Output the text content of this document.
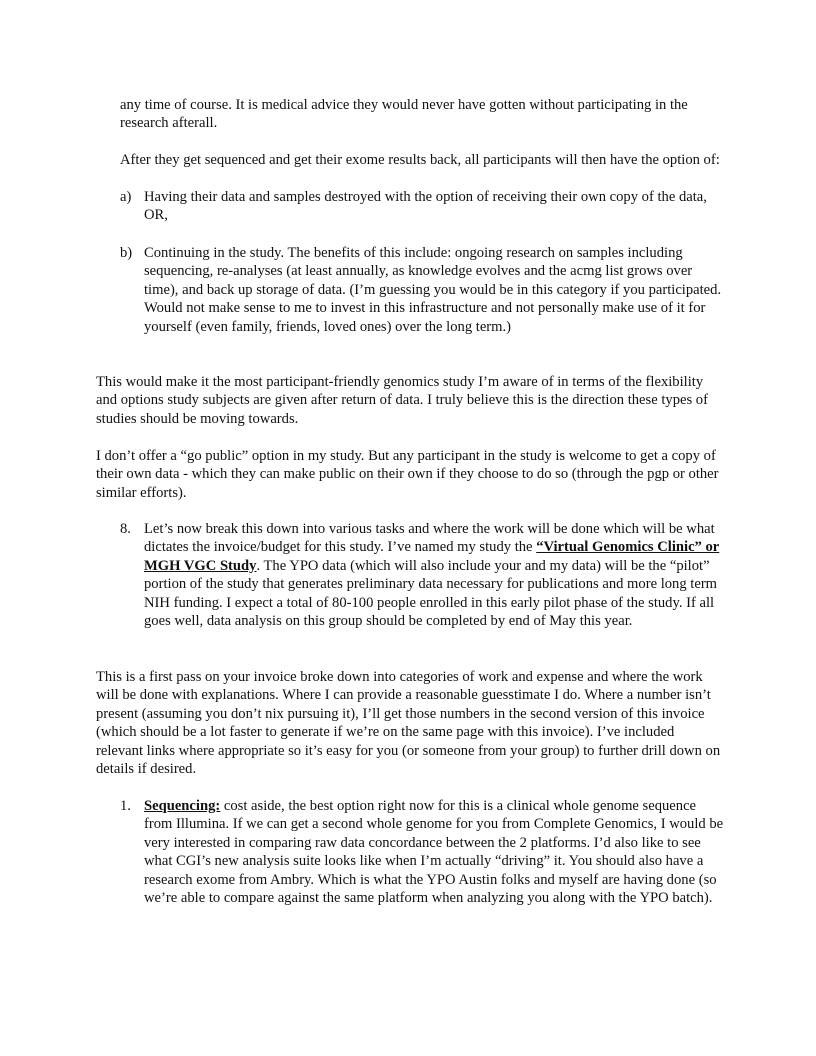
any time of course. It is medical advice they would never have gotten without participating in the research afterall.

After they get sequenced and get their exome results back, all participants will then have the option of:

a) Having their data and samples destroyed with the option of receiving their own copy of the data, OR,
b) Continuing in the study. The benefits of this include: ongoing research on samples including sequencing, re-analyses (at least annually, as knowledge evolves and the acmg list grows over time), and back up storage of data. (I’m guessing you would be in this category if you participated. Would not make sense to me to invest in this infrastructure and not personally make use of it for yourself (even family, friends, loved ones) over the long term.)

This would make it the most participant-friendly genomics study I’m aware of in terms of the flexibility and options study subjects are given after return of data. I truly believe this is the direction these types of studies should be moving towards.

I don’t offer a “go public” option in my study. But any participant in the study is welcome to get a copy of their own data - which they can make public on their own if they choose to do so (through the pgp or other similar efforts).

8. Let’s now break this down into various tasks and where the work will be done which will be what dictates the invoice/budget for this study. I’ve named my study the “Virtual Genomics Clinic” or MGH VGC Study. The YPO data (which will also include your and my data) will be the “pilot” portion of the study that generates preliminary data necessary for publications and more long term NIH funding. I expect a total of 80-100 people enrolled in this early pilot phase of the study. If all goes well, data analysis on this group should be completed by end of May this year.

This is a first pass on your invoice broke down into categories of work and expense and where the work will be done with explanations. Where I can provide a reasonable guesstimate I do. Where a number isn’t present (assuming you don’t nix pursuing it), I’ll get those numbers in the second version of this invoice (which should be a lot faster to generate if we’re on the same page with this invoice). I’ve included relevant links where appropriate so it’s easy for you (or someone from your group) to further drill down on details if desired.

1. Sequencing: cost aside, the best option right now for this is a clinical whole genome sequence from Illumina. If we can get a second whole genome for you from Complete Genomics, I would be very interested in comparing raw data concordance between the 2 platforms. I’d also like to see what CGI’s new analysis suite looks like when I’m actually “driving” it. You should also have a research exome from Ambry. Which is what the YPO Austin folks and myself are having done (so we’re able to compare against the same platform when analyzing you along with the YPO batch).
